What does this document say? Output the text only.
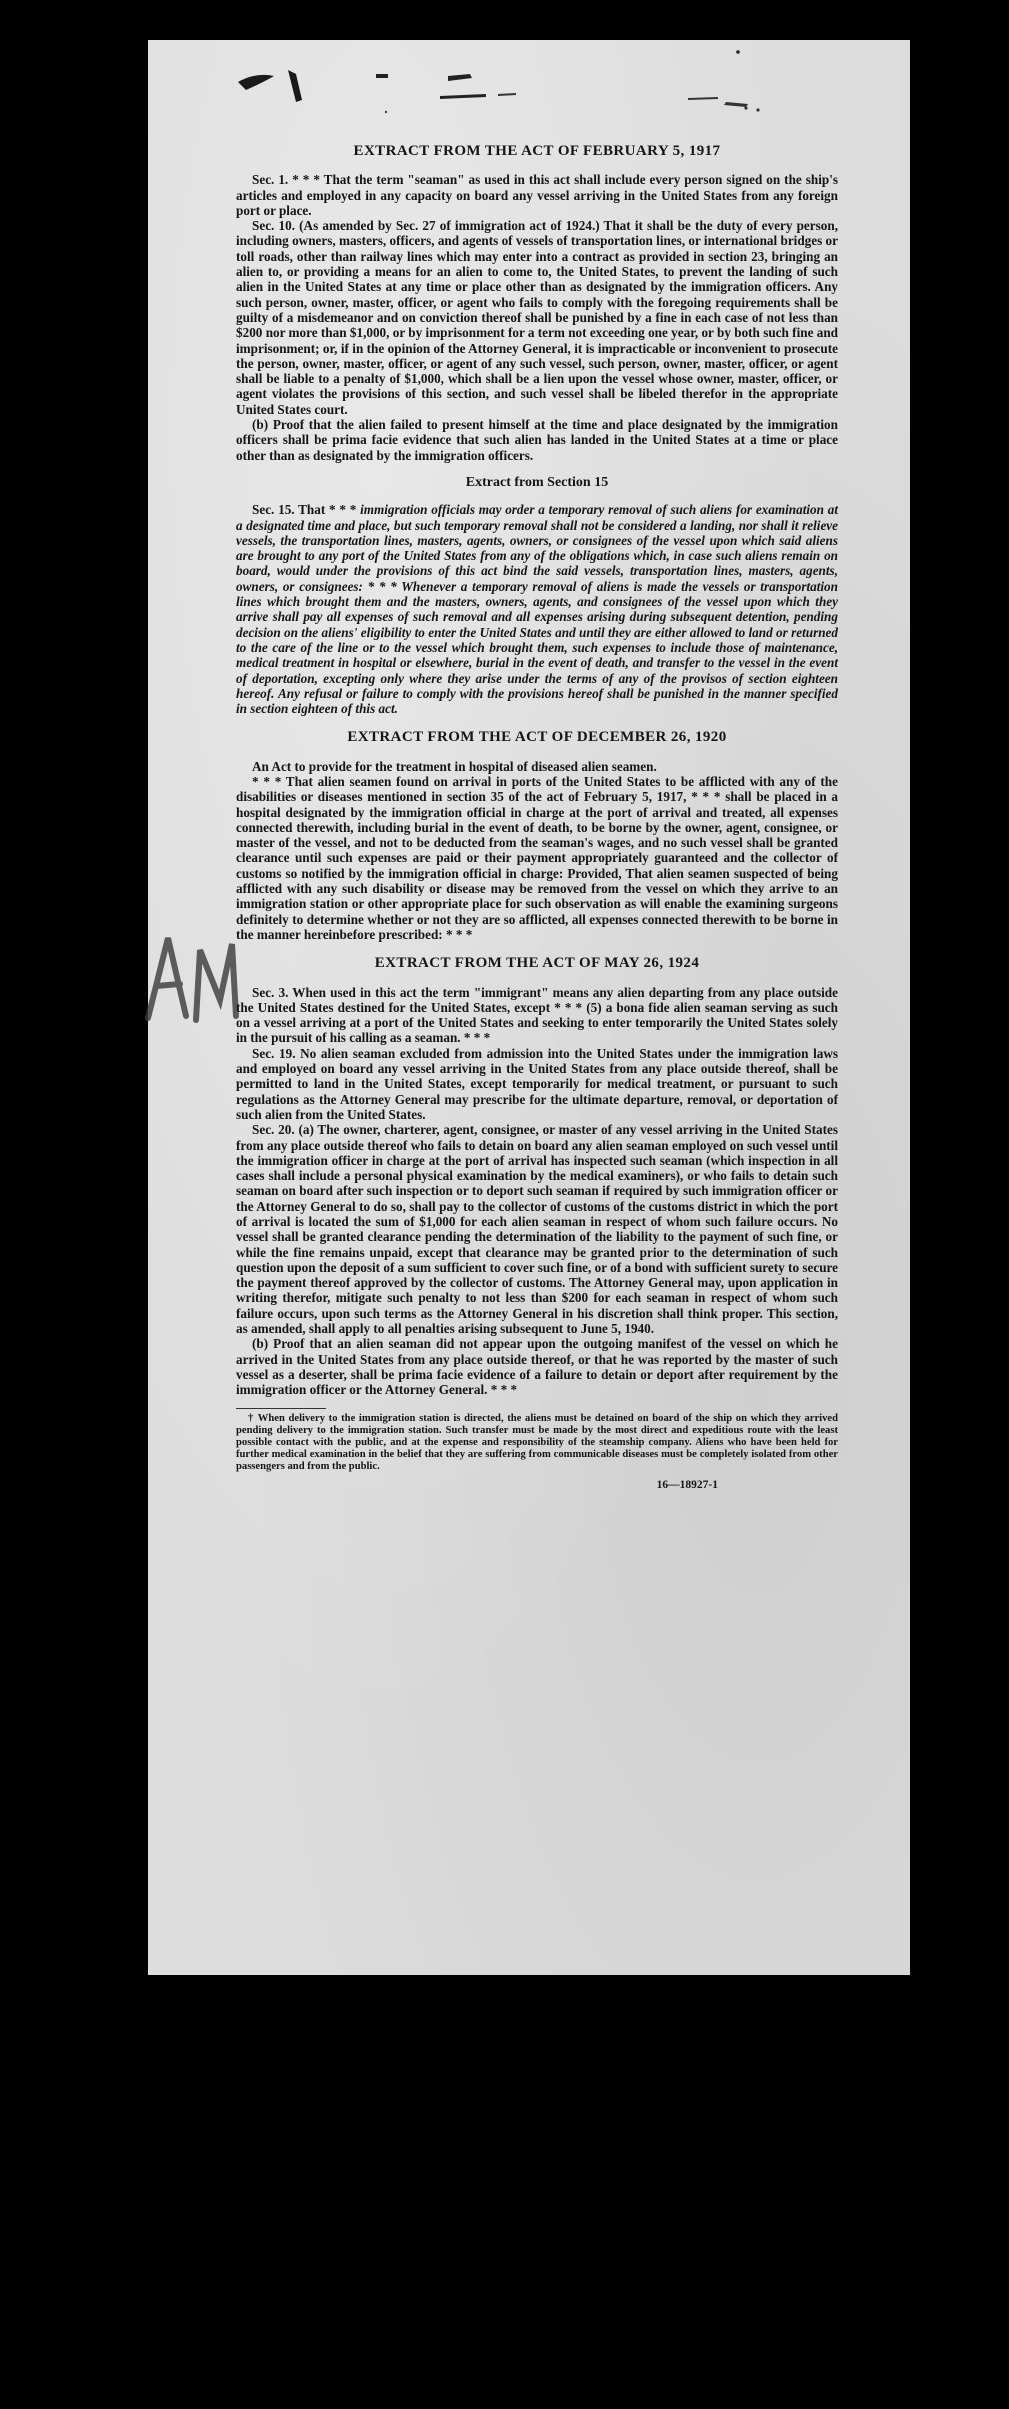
EXTRACT FROM THE ACT OF FEBRUARY 5, 1917

Sec. 1. * * * That the term "seaman" as used in this act shall include every person signed on the ship's articles and employed in any capacity on board any vessel arriving in the United States from any foreign port or place.

Sec. 10. (As amended by Sec. 27 of immigration act of 1924.) That it shall be the duty of every person, including owners, masters, officers, and agents of vessels of transportation lines, or international bridges or toll roads, other than railway lines which may enter into a contract as provided in section 23, bringing an alien to, or providing a means for an alien to come to, the United States, to prevent the landing of such alien in the United States at any time or place other than as designated by the immigration officers. Any such person, owner, master, officer, or agent who fails to comply with the foregoing requirements shall be guilty of a misdemeanor and on conviction thereof shall be punished by a fine in each case of not less than $200 nor more than $1,000, or by imprisonment for a term not exceeding one year, or by both such fine and imprisonment; or, if in the opinion of the Attorney General, it is impracticable or inconvenient to prosecute the person, owner, master, officer, or agent of any such vessel, such person, owner, master, officer, or agent shall be liable to a penalty of $1,000, which shall be a lien upon the vessel whose owner, master, officer, or agent violates the provisions of this section, and such vessel shall be libeled therefor in the appropriate United States court.

(b) Proof that the alien failed to present himself at the time and place designated by the immigration officers shall be prima facie evidence that such alien has landed in the United States at a time or place other than as designated by the immigration officers.

Extract from Section 15

Sec. 15. That * * * immigration officials may order a temporary removal of such aliens for examination at a designated time and place, but such temporary removal shall not be considered a landing, nor shall it relieve vessels, the transportation lines, masters, agents, owners, or consignees of the vessel upon which said aliens are brought to any port of the United States from any of the obligations which, in case such aliens remain on board, would under the provisions of this act bind the said vessels, transportation lines, masters, agents, owners, or consignees: * * * Whenever a temporary removal of aliens is made the vessels or transportation lines which brought them and the masters, owners, agents, and consignees of the vessel upon which they arrive shall pay all expenses of such removal and all expenses arising during subsequent detention, pending decision on the aliens' eligibility to enter the United States and until they are either allowed to land or returned to the care of the line or to the vessel which brought them, such expenses to include those of maintenance, medical treatment in hospital or elsewhere, burial in the event of death, and transfer to the vessel in the event of deportation, excepting only where they arise under the terms of any of the provisos of section eighteen hereof. Any refusal or failure to comply with the provisions hereof shall be punished in the manner specified in section eighteen of this act.

EXTRACT FROM THE ACT OF DECEMBER 26, 1920

An Act to provide for the treatment in hospital of diseased alien seamen.

* * * That alien seamen found on arrival in ports of the United States to be afflicted with any of the disabilities or diseases mentioned in section 35 of the act of February 5, 1917, * * * shall be placed in a hospital designated by the immigration official in charge at the port of arrival and treated, all expenses connected therewith, including burial in the event of death, to be borne by the owner, agent, consignee, or master of the vessel, and not to be deducted from the seaman's wages, and no such vessel shall be granted clearance until such expenses are paid or their payment appropriately guaranteed and the collector of customs so notified by the immigration official in charge: Provided, That alien seamen suspected of being afflicted with any such disability or disease may be removed from the vessel on which they arrive to an immigration station or other appropriate place for such observation as will enable the examining surgeons definitely to determine whether or not they are so afflicted, all expenses connected therewith to be borne in the manner hereinbefore prescribed: * * *

EXTRACT FROM THE ACT OF MAY 26, 1924

Sec. 3. When used in this act the term "immigrant" means any alien departing from any place outside the United States destined for the United States, except * * * (5) a bona fide alien seaman serving as such on a vessel arriving at a port of the United States and seeking to enter temporarily the United States solely in the pursuit of his calling as a seaman. * * *

Sec. 19. No alien seaman excluded from admission into the United States under the immigration laws and employed on board any vessel arriving in the United States from any place outside thereof, shall be permitted to land in the United States, except temporarily for medical treatment, or pursuant to such regulations as the Attorney General may prescribe for the ultimate departure, removal, or deportation of such alien from the United States.

Sec. 20. (a) The owner, charterer, agent, consignee, or master of any vessel arriving in the United States from any place outside thereof who fails to detain on board any alien seaman employed on such vessel until the immigration officer in charge at the port of arrival has inspected such seaman (which inspection in all cases shall include a personal physical examination by the medical examiners), or who fails to detain such seaman on board after such inspection or to deport such seaman if required by such immigration officer or the Attorney General to do so, shall pay to the collector of customs of the customs district in which the port of arrival is located the sum of $1,000 for each alien seaman in respect of whom such failure occurs. No vessel shall be granted clearance pending the determination of the liability to the payment of such fine, or while the fine remains unpaid, except that clearance may be granted prior to the determination of such question upon the deposit of a sum sufficient to cover such fine, or of a bond with sufficient surety to secure the payment thereof approved by the collector of customs. The Attorney General may, upon application in writing therefor, mitigate such penalty to not less than $200 for each seaman in respect of whom such failure occurs, upon such terms as the Attorney General in his discretion shall think proper. This section, as amended, shall apply to all penalties arising subsequent to June 5, 1940.

(b) Proof that an alien seaman did not appear upon the outgoing manifest of the vessel on which he arrived in the United States from any place outside thereof, or that he was reported by the master of such vessel as a deserter, shall be prima facie evidence of a failure to detain or deport after requirement by the immigration officer or the Attorney General. * * *

† When delivery to the immigration station is directed, the aliens must be detained on board of the ship on which they arrived pending delivery to the immigration station. Such transfer must be made by the most direct and expeditious route with the least possible contact with the public, and at the expense and responsibility of the steamship company. Aliens who have been held for further medical examination in the belief that they are suffering from communicable diseases must be completely isolated from other passengers and from the public.

16—18927-1
